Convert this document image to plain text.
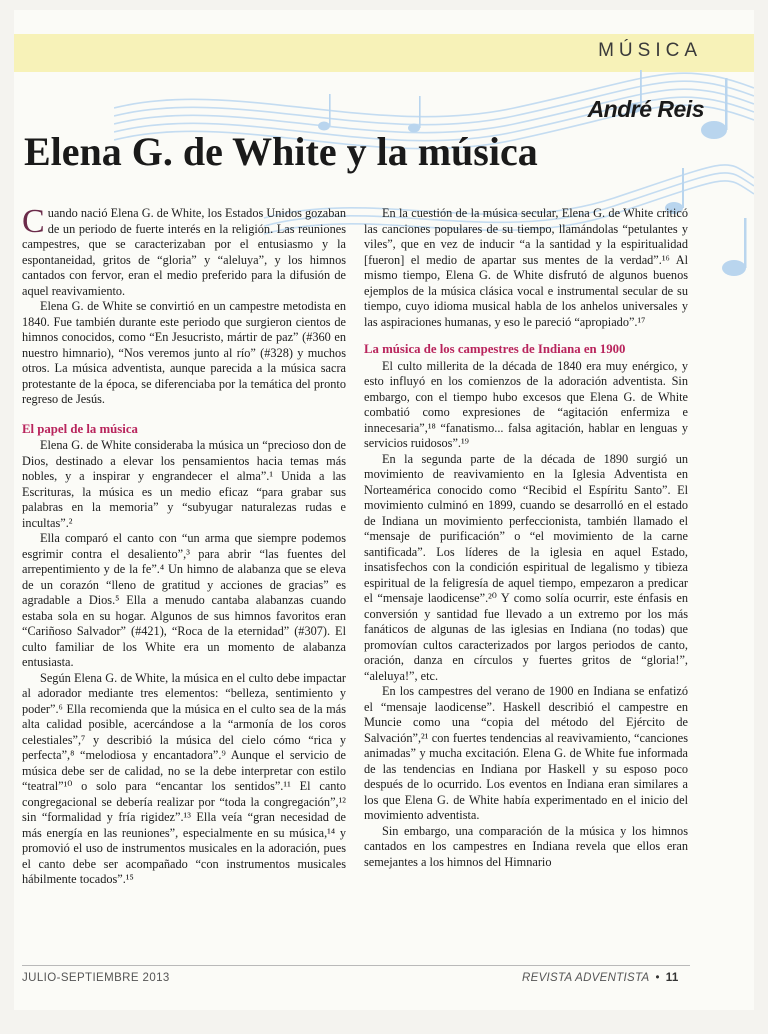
MÚSICA
André Reis
Elena G. de White y la música

Cuando nació Elena G. de White, los Estados Unidos gozaban de un periodo de fuerte interés en la religión. Las reuniones campestres, que se caracterizaban por el entusiasmo y la espontaneidad, gritos de “gloria” y “aleluya”, y los himnos cantados con fervor, eran el medio preferido para la difusión de aquel reavivamiento.

Elena G. de White se convirtió en un campestre metodista en 1840. Fue también durante este periodo que surgieron cientos de himnos conocidos, como “En Jesucristo, mártir de paz” (#360 en nuestro himnario), “Nos veremos junto al río” (#328) y muchos otros. La música adventista, aunque parecida a la música sacra protestante de la época, se diferenciaba por la temática del pronto regreso de Jesús.

El papel de la música

Elena G. de White consideraba la música un “precioso don de Dios, destinado a elevar los pensamientos hacia temas más nobles, y a inspirar y engrandecer el alma”.¹ Unida a las Escrituras, la música es un medio eficaz “para grabar sus palabras en la memoria” y “subyugar naturalezas rudas e incultas”.²

Ella comparó el canto con “un arma que siempre podemos esgrimir contra el desaliento”,³ para abrir “las fuentes del arrepentimiento y de la fe”.⁴ Un himno de alabanza que se eleva de un corazón “lleno de gratitud y acciones de gracias” es agradable a Dios.⁵ Ella a menudo cantaba alabanzas cuando estaba sola en su hogar. Algunos de sus himnos favoritos eran “Cariñoso Salvador” (#421), “Roca de la eternidad” (#307). El culto familiar de los White era un momento de alabanza entusiasta.

Según Elena G. de White, la música en el culto debe impactar al adorador mediante tres elementos: “belleza, sentimiento y poder”.⁶ Ella recomienda que la música en el culto sea de la más alta calidad posible, acercándose a la “armonía de los coros celestiales”,⁷ y describió la música del cielo cómo “rica y perfecta”,⁸ “melodiosa y encantadora”.⁹ Aunque el servicio de música debe ser de calidad, no se la debe interpretar con estilo “teatral”¹⁰ o solo para “encantar los sentidos”.¹¹ El canto congregacional se debería realizar por “toda la congregación”,¹² sin “formalidad y fría rigidez”.¹³ Ella veía “gran necesidad de más energía en las reuniones”, especialmente en su música,¹⁴ y promovió el uso de instrumentos musicales en la adoración, pues el canto debe ser acompañado “con instrumentos musicales hábilmente tocados”.¹⁵

En la cuestión de la música secular, Elena G. de White criticó las canciones populares de su tiempo, llamándolas “petulantes y viles”, que en vez de inducir “a la santidad y la espiritualidad [fueron] el medio de apartar sus mentes de la verdad”.¹⁶ Al mismo tiempo, Elena G. de White disfrutó de algunos buenos ejemplos de la música clásica vocal e instrumental secular de su tiempo, cuyo idioma musical habla de los anhelos universales y las aspiraciones humanas, y eso le pareció “apropiado”.¹⁷

La música de los campestres de Indiana en 1900

El culto millerita de la década de 1840 era muy enérgico, y esto influyó en los comienzos de la adoración adventista. Sin embargo, con el tiempo hubo excesos que Elena G. de White combatió como expresiones de “agitación enfermiza e innecesaria”,¹⁸ “fanatismo... falsa agitación, hablar en lenguas y servicios ruidosos”.¹⁹

En la segunda parte de la década de 1890 surgió un movimiento de reavivamiento en la Iglesia Adventista en Norteamérica conocido como “Recibid el Espíritu Santo”. El movimiento culminó en 1899, cuando se desarrolló en el estado de Indiana un movimiento perfeccionista, también llamado el “mensaje de purificación” o “el movimiento de la carne santificada”. Los líderes de la iglesia en aquel Estado, insatisfechos con la condición espiritual de legalismo y tibieza espiritual de la feligresía de aquel tiempo, empezaron a predicar el “mensaje laodicense”.²⁰ Y como solía ocurrir, este énfasis en conversión y santidad fue llevado a un extremo por los más fanáticos de algunas de las iglesias en Indiana (no todas) que promovían cultos caracterizados por largos periodos de canto, oración, danza en círculos y fuertes gritos de “gloria!”, “aleluya!”, etc.

En los campestres del verano de 1900 en Indiana se enfatizó el “mensaje laodicense”. Haskell describió el campestre en Muncie como una “copia del método del Ejército de Salvación”,²¹ con fuertes tendencias al reavivamiento, “canciones animadas” y mucha excitación. Elena G. de White fue informada de las tendencias en Indiana por Haskell y su esposo poco después de lo ocurrido. Los eventos en Indiana eran similares a los que Elena G. de White había experimentado en el inicio del movimiento adventista.

Sin embargo, una comparación de la música y los himnos cantados en los campestres en Indiana revela que ellos eran semejantes a los himnos del Himnario

JULIO-SEPTIEMBRE 2013	REVISTA ADVENTISTA • 11
